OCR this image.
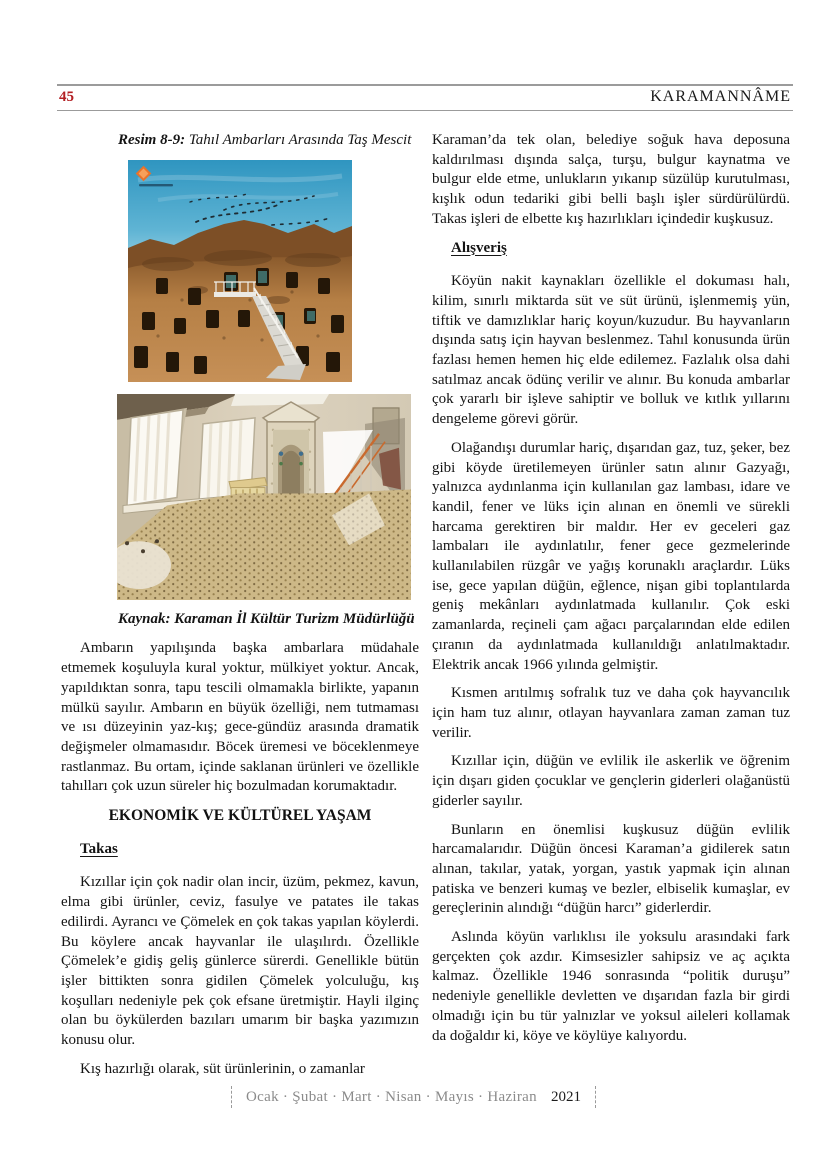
45	KARAMANNÂME

Resim 8-9: Tahıl Ambarları Arasında Taş Mescit

Kaynak: Karaman İl Kültür Turizm Müdürlüğü

Ambarın yapılışında başka ambarlara müdahale etmemek koşuluyla kural yoktur, mülkiyet yoktur. Ancak, yapıldıktan sonra, tapu tescili olmamakla birlikte, yapanın mülkü sayılır. Ambarın en büyük özelliği, nem tutmaması ve ısı düzeyinin yaz-kış; gece-gündüz arasında dramatik değişmeler olmamasıdır. Böcek üremesi ve böceklenmeye rastlanmaz. Bu ortam, içinde saklanan ürünleri ve özellikle tahılları çok uzun süreler hiç bozulmadan korumaktadır.

EKONOMİK VE KÜLTÜREL YAŞAM
Takas

Kızıllar için çok nadir olan incir, üzüm, pekmez, kavun, elma gibi ürünler, ceviz, fasulye ve patates ile takas edilirdi. Ayrancı ve Çömelek en çok takas yapılan köylerdi. Bu köylere ancak hayvanlar ile ulaşılırdı. Özellikle Çömelek’e gidiş geliş günlerce sürerdi. Genellikle bütün işler bittikten sonra gidilen Çömelek yolculuğu, kış koşulları nedeniyle pek çok efsane üretmiştir. Hayli ilginç olan bu öykülerden bazıları umarım bir başka yazımızın konusu olur.

Kış hazırlığı olarak, süt ürünlerinin, o zamanlar

Karaman’da tek olan, belediye soğuk hava deposuna kaldırılması dışında salça, turşu, bulgur kaynatma ve bulgur elde etme, unlukların yıkanıp süzülüp kurutulması, kışlık odun tedariki gibi belli başlı işler sürdürülürdü. Takas işleri de elbette kış hazırlıkları içindedir kuşkusuz.

Alışveriş

Köyün nakit kaynakları özellikle el dokuması halı, kilim, sınırlı miktarda süt ve süt ürünü, işlenmemiş yün, tiftik ve damızlıklar hariç koyun/kuzudur. Bu hayvanların dışında satış için hayvan beslenmez. Tahıl konusunda ürün fazlası hemen hemen hiç elde edilemez. Fazlalık olsa dahi satılmaz ancak ödünç verilir ve alınır. Bu konuda ambarlar çok yararlı bir işleve sahiptir ve bolluk ve kıtlık yıllarını dengeleme görevi görür.

Olağandışı durumlar hariç, dışarıdan gaz, tuz, şeker, bez gibi köyde üretilemeyen ürünler satın alınır Gazyağı, yalnızca aydınlanma için kullanılan gaz lambası, idare ve kandil, fener ve lüks için alınan en önemli ve sürekli harcama gerektiren bir maldır. Her ev geceleri gaz lambaları ile aydınlatılır, fener gece gezmelerinde kullanılabilen rüzgâr ve yağış korunaklı araçlardır. Lüks ise, gece yapılan düğün, eğlence, nişan gibi toplantılarda geniş mekânları aydınlatmada kullanılır. Çok eski zamanlarda, reçineli çam ağacı parçalarından elde edilen çıranın da aydınlatmada kullanıldığı anlatılmaktadır. Elektrik ancak 1966 yılında gelmiştir.

Kısmen arıtılmış sofralık tuz ve daha çok hayvancılık için ham tuz alınır, otlayan hayvanlara zaman zaman tuz verilir.

Kızıllar için, düğün ve evlilik ile askerlik ve öğrenim için dışarı giden çocuklar ve gençlerin giderleri olağanüstü giderler sayılır.

Bunların en önemlisi kuşkusuz düğün evlilik harcamalarıdır. Düğün öncesi Karaman’a gidilerek satın alınan, takılar, yatak, yorgan, yastık yapmak için alınan patiska ve benzeri kumaş ve bezler, elbiselik kumaşlar, ev gereçlerinin alındığı “düğün harcı” giderlerdir.

Aslında köyün varlıklısı ile yoksulu arasındaki fark gerçekten çok azdır. Kimsesizler sahipsiz ve aç açıkta kalmaz. Özellikle 1946 sonrasında “politik duruşu” nedeniyle genellikle devletten ve dışarıdan fazla bir girdi olmadığı için bu tür yalnızlar ve yoksul aileleri kollamak da doğaldır ki, köye ve köylüye kalıyordu.

Ocak · Şubat · Mart · Nisan · Mayıs · Haziran 2021
